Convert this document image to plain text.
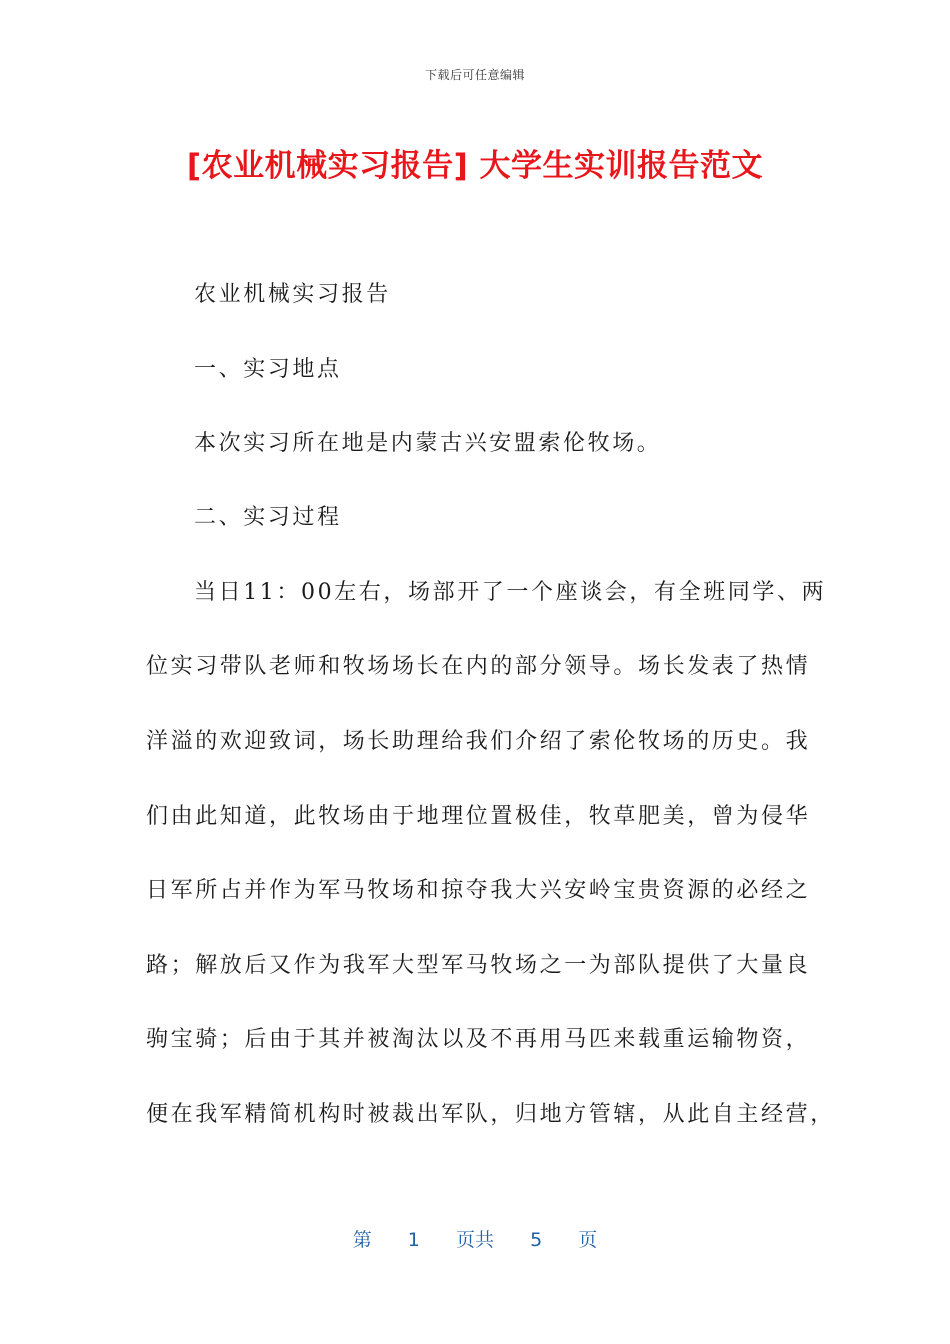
下载后可任意编辑
[农业机械实习报告] 大学生实训报告范文
农业机械实习报告
一、实习地点
本次实习所在地是内蒙古兴安盟索伦牧场。
二、实习过程
当日11：00左右，场部开了一个座谈会，有全班同学、两
位实习带队老师和牧场场长在内的部分领导。场长发表了热情
洋溢的欢迎致词，场长助理给我们介绍了索伦牧场的历史。我
们由此知道，此牧场由于地理位置极佳，牧草肥美，曾为侵华
日军所占并作为军马牧场和掠夺我大兴安岭宝贵资源的必经之
路；解放后又作为我军大型军马牧场之一为部队提供了大量良
驹宝骑；后由于其并被淘汰以及不再用马匹来载重运输物资，
便在我军精简机构时被裁出军队，归地方管辖，从此自主经营，
第 1 页共 5 页
